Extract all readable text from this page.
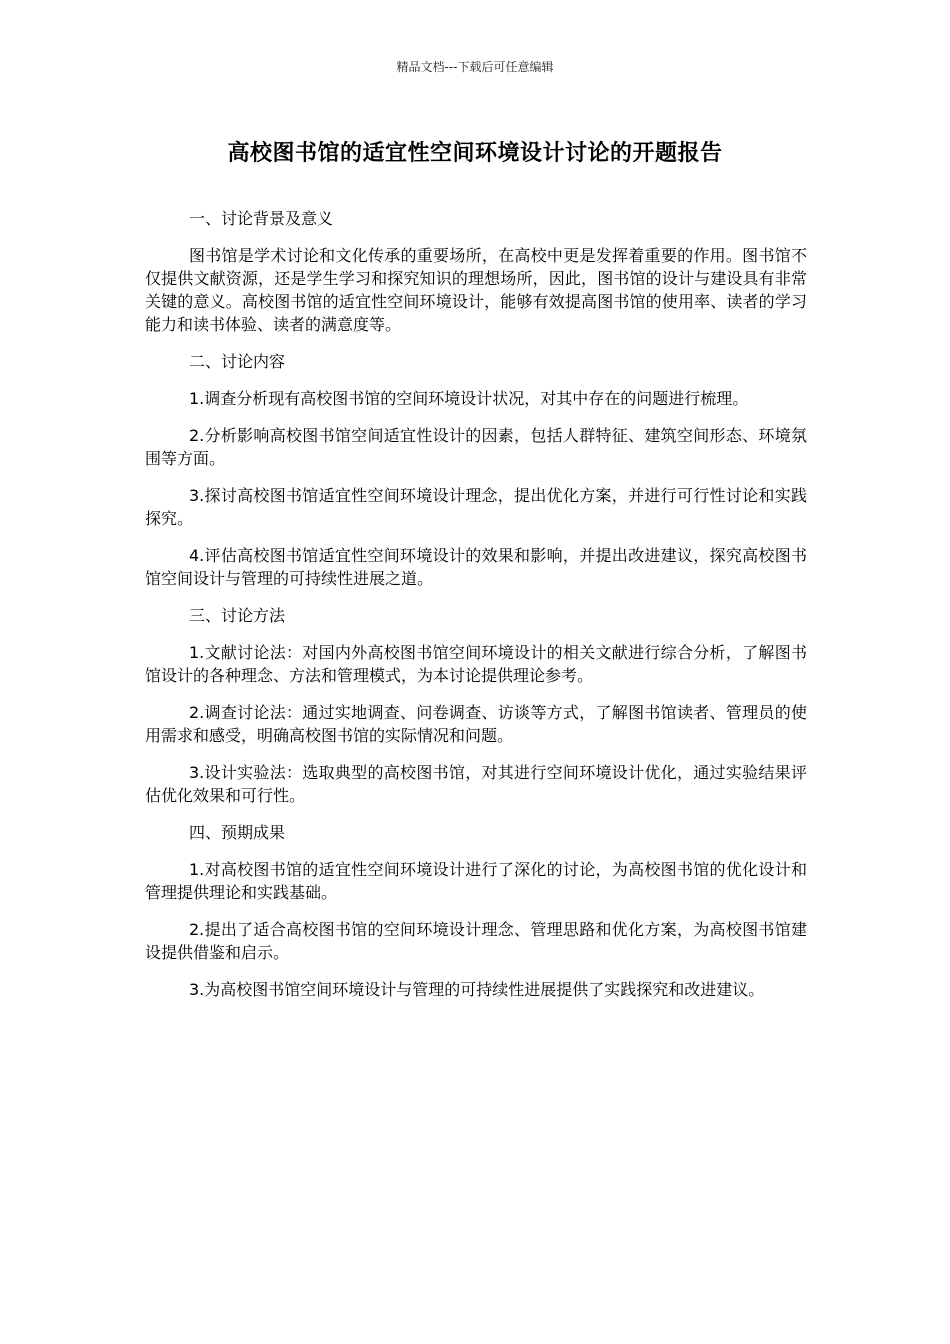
精品文档---下载后可任意编辑
高校图书馆的适宜性空间环境设计讨论的开题报告
一、讨论背景及意义
图书馆是学术讨论和文化传承的重要场所，在高校中更是发挥着重要的作用。图书馆不仅提供文献资源，还是学生学习和探究知识的理想场所，因此，图书馆的设计与建设具有非常关键的意义。高校图书馆的适宜性空间环境设计，能够有效提高图书馆的使用率、读者的学习能力和读书体验、读者的满意度等。
二、讨论内容
1.调查分析现有高校图书馆的空间环境设计状况，对其中存在的问题进行梳理。
2.分析影响高校图书馆空间适宜性设计的因素，包括人群特征、建筑空间形态、环境氛围等方面。
3.探讨高校图书馆适宜性空间环境设计理念，提出优化方案，并进行可行性讨论和实践探究。
4.评估高校图书馆适宜性空间环境设计的效果和影响，并提出改进建议，探究高校图书馆空间设计与管理的可持续性进展之道。
三、讨论方法
1.文献讨论法：对国内外高校图书馆空间环境设计的相关文献进行综合分析，了解图书馆设计的各种理念、方法和管理模式，为本讨论提供理论参考。
2.调查讨论法：通过实地调查、问卷调查、访谈等方式，了解图书馆读者、管理员的使用需求和感受，明确高校图书馆的实际情况和问题。
3.设计实验法：选取典型的高校图书馆，对其进行空间环境设计优化，通过实验结果评估优化效果和可行性。
四、预期成果
1.对高校图书馆的适宜性空间环境设计进行了深化的讨论，为高校图书馆的优化设计和管理提供理论和实践基础。
2.提出了适合高校图书馆的空间环境设计理念、管理思路和优化方案，为高校图书馆建设提供借鉴和启示。
3.为高校图书馆空间环境设计与管理的可持续性进展提供了实践探究和改进建议。
